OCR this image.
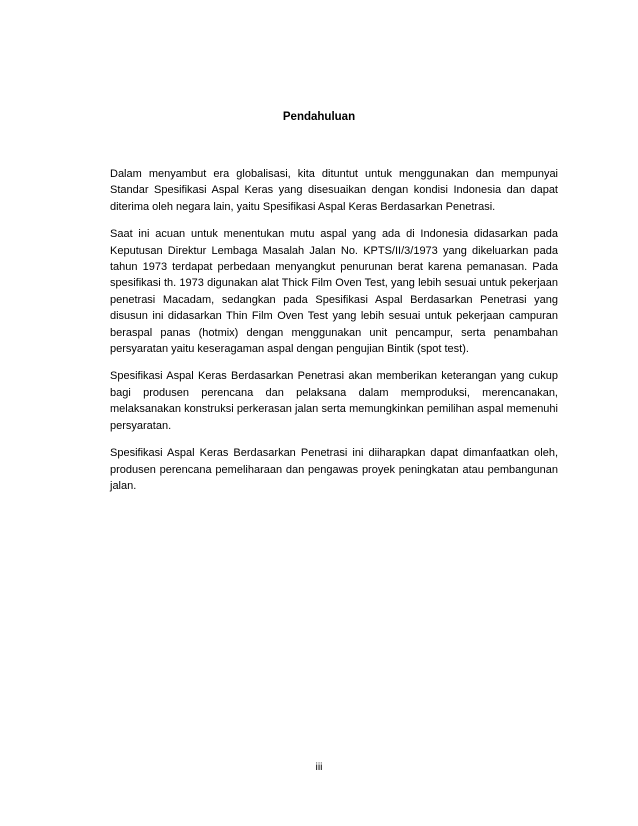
Pendahuluan

Dalam menyambut era globalisasi, kita dituntut untuk menggunakan dan mempunyai Standar Spesifikasi Aspal Keras yang disesuaikan dengan kondisi Indonesia dan dapat diterima oleh negara lain, yaitu Spesifikasi Aspal Keras Berdasarkan Penetrasi.

Saat ini acuan untuk menentukan mutu aspal yang ada di Indonesia didasarkan pada Keputusan Direktur Lembaga Masalah Jalan No. KPTS/II/3/1973 yang dikeluarkan pada tahun 1973 terdapat perbedaan menyangkut penurunan berat karena pemanasan. Pada spesifikasi th. 1973 digunakan alat Thick Film Oven Test, yang lebih sesuai untuk pekerjaan penetrasi Macadam, sedangkan pada Spesifikasi Aspal Berdasarkan Penetrasi yang disusun ini didasarkan Thin Film Oven Test yang lebih sesuai untuk pekerjaan campuran beraspal panas (hotmix) dengan menggunakan unit pencampur, serta penambahan persyaratan yaitu keseragaman aspal dengan pengujian Bintik (spot test).

Spesifikasi Aspal Keras Berdasarkan Penetrasi akan memberikan keterangan yang cukup bagi produsen perencana dan pelaksana dalam memproduksi, merencanakan, melaksanakan konstruksi perkerasan jalan serta memungkinkan pemilihan aspal memenuhi persyaratan.

Spesifikasi Aspal Keras Berdasarkan Penetrasi ini diiharapkan dapat dimanfaatkan oleh, produsen perencana pemeliharaan dan pengawas proyek peningkatan atau pembangunan jalan.

iii
